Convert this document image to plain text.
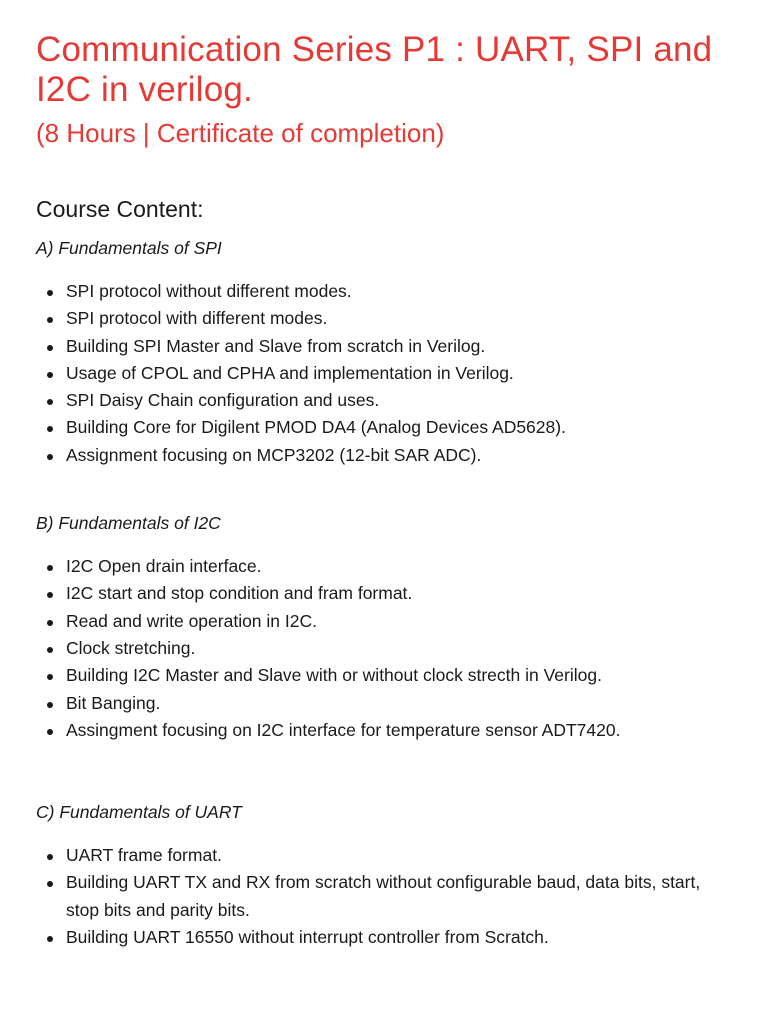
Communication Series P1 : UART, SPI and I2C in verilog.
(8 Hours | Certificate of completion)
Course Content:

A) Fundamentals of SPI

SPI protocol without different modes.
SPI protocol with different modes.
Building SPI Master and Slave from scratch in Verilog.
Usage of CPOL and CPHA and implementation in Verilog.
SPI Daisy Chain configuration and uses.
Building Core for Digilent PMOD DA4 (Analog Devices AD5628).
Assignment focusing on MCP3202 (12-bit SAR ADC).

B) Fundamentals of I2C

I2C Open drain interface.
I2C start and stop condition and fram format.
Read and write operation in I2C.
Clock stretching.
Building I2C Master and Slave with or without clock strecth in Verilog.
Bit Banging.
Assingment focusing on I2C interface for temperature sensor ADT7420.

C) Fundamentals of UART

UART frame format.
Building UART TX and RX from scratch without configurable baud, data bits, start, stop bits and parity bits.
Building UART 16550 without interrupt controller from Scratch.
